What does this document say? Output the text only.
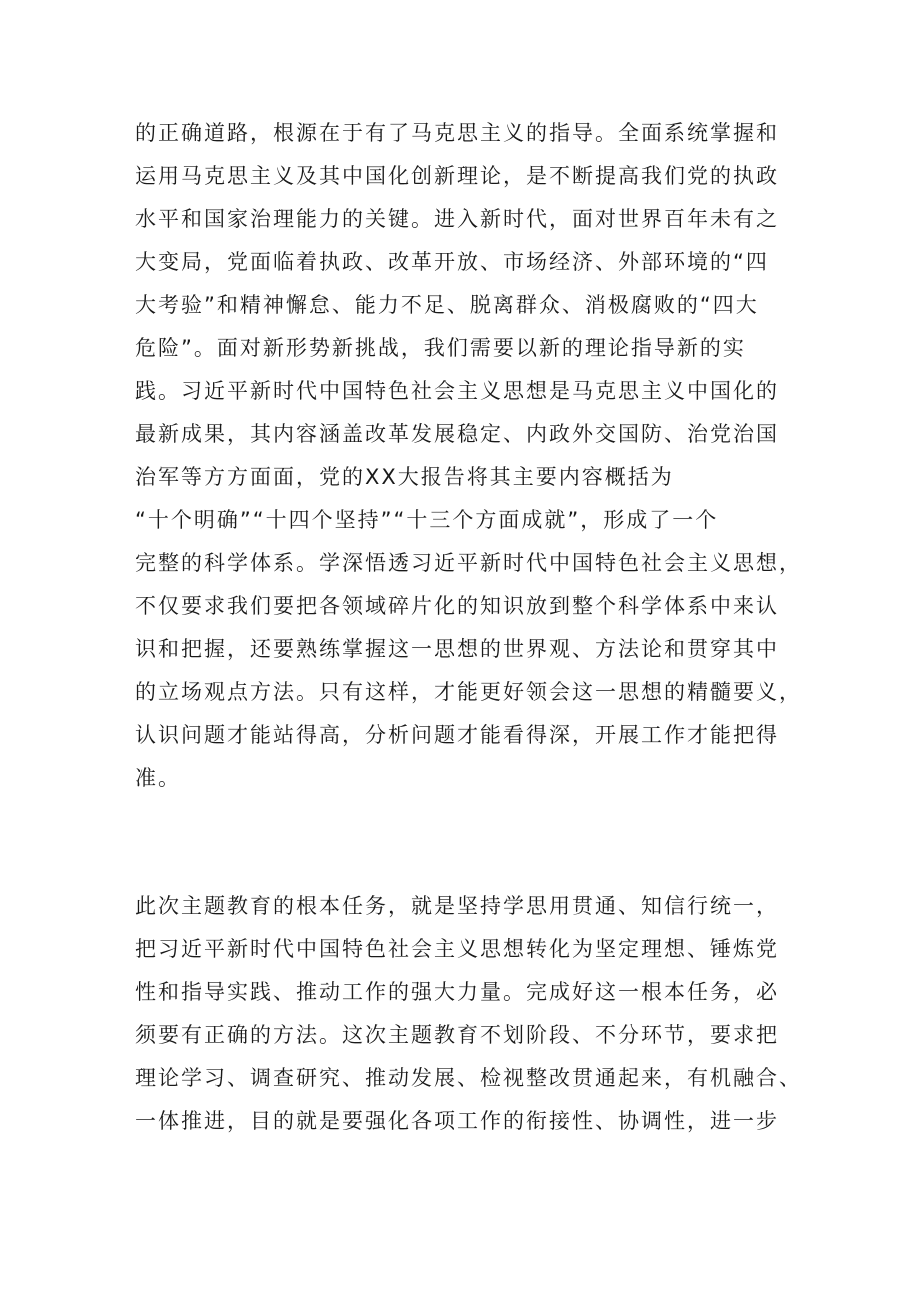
的正确道路，根源在于有了马克思主义的指导。全面系统掌握和
运用马克思主义及其中国化创新理论，是不断提高我们党的执政
水平和国家治理能力的关键。进入新时代，面对世界百年未有之
大变局，党面临着执政、改革开放、市场经济、外部环境的“四
大考验”和精神懈怠、能力不足、脱离群众、消极腐败的“四大
危险”。面对新形势新挑战，我们需要以新的理论指导新的实
践。习近平新时代中国特色社会主义思想是马克思主义中国化的
最新成果，其内容涵盖改革发展稳定、内政外交国防、治党治国
治军等方方面面，党的XX大报告将其主要内容概括为
“十个明确”“十四个坚持”“十三个方面成就”，形成了一个
完整的科学体系。学深悟透习近平新时代中国特色社会主义思想，
不仅要求我们要把各领域碎片化的知识放到整个科学体系中来认
识和把握，还要熟练掌握这一思想的世界观、方法论和贯穿其中
的立场观点方法。只有这样，才能更好领会这一思想的精髓要义，
认识问题才能站得高，分析问题才能看得深，开展工作才能把得
准。
此次主题教育的根本任务，就是坚持学思用贯通、知信行统一，
把习近平新时代中国特色社会主义思想转化为坚定理想、锤炼党
性和指导实践、推动工作的强大力量。完成好这一根本任务，必
须要有正确的方法。这次主题教育不划阶段、不分环节，要求把
理论学习、调查研究、推动发展、检视整改贯通起来，有机融合、
一体推进，目的就是要强化各项工作的衔接性、协调性，进一步
